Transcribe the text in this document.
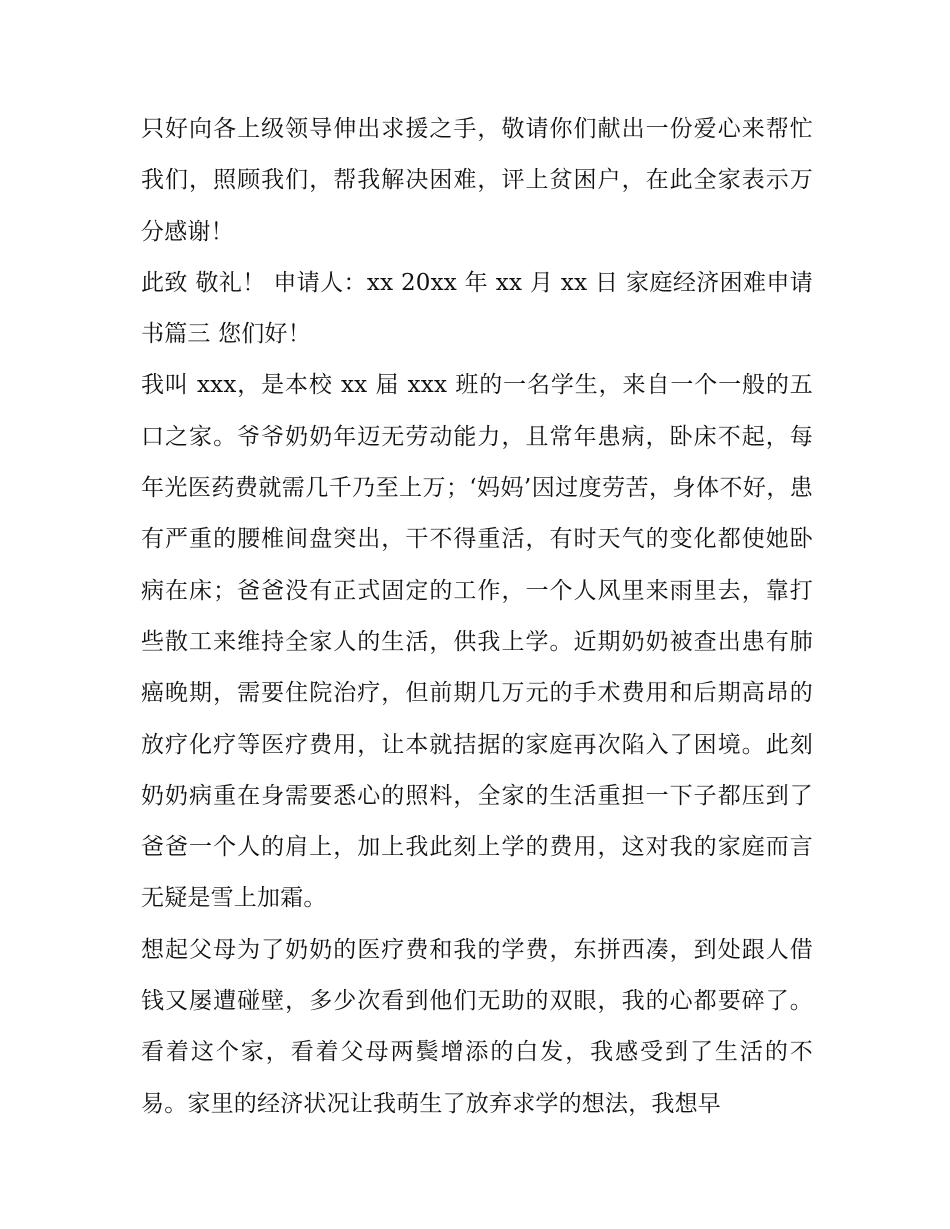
只好向各上级领导伸出求援之手，敬请你们献出一份爱心来帮忙我们，照顾我们，帮我解决困难，评上贫困户，在此全家表示万分感谢！

此致 敬礼！ 申请人：xx 20xx 年 xx 月 xx 日 家庭经济困难申请书篇三 您们好！

我叫 xxx，是本校 xx 届 xxx 班的一名学生，来自一个一般的五口之家。爷爷奶奶年迈无劳动能力，且常年患病，卧床不起，每年光医药费就需几千乃至上万；‘妈妈’因过度劳苦，身体不好，患有严重的腰椎间盘突出，干不得重活，有时天气的变化都使她卧病在床；爸爸没有正式固定的工作，一个人风里来雨里去，靠打些散工来维持全家人的生活，供我上学。近期奶奶被查出患有肺癌晚期，需要住院治疗，但前期几万元的手术费用和后期高昂的放疗化疗等医疗费用，让本就拮据的家庭再次陷入了困境。此刻奶奶病重在身需要悉心的照料，全家的生活重担一下子都压到了爸爸一个人的肩上，加上我此刻上学的费用，这对我的家庭而言无疑是雪上加霜。

想起父母为了奶奶的医疗费和我的学费，东拼西凑，到处跟人借钱又屡遭碰壁，多少次看到他们无助的双眼，我的心都要碎了。看着这个家，看着父母两鬓增添的白发，我感受到了生活的不易。家里的经济状况让我萌生了放弃求学的想法，我想早
